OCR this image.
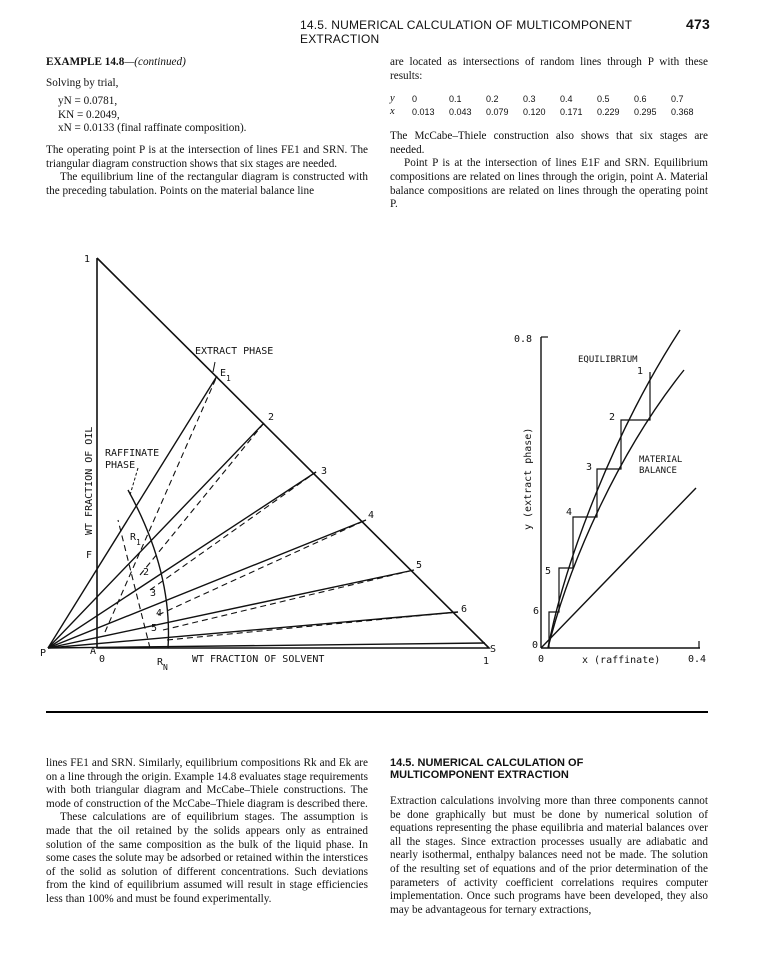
14.5. NUMERICAL CALCULATION OF MULTICOMPONENT EXTRACTION
473

EXAMPLE 14.8—(continued)

Solving by trial,

yN = 0.0781,

KN = 0.2049,

xN = 0.0133 (final raffinate composition).

The operating point P is at the intersection of lines FE1 and SRN. The triangular diagram construction shows that six stages are needed.

The equilibrium line of the rectangular diagram is constructed with the preceding tabulation. Points on the material balance line

are located as intersections of random lines through P with these results:

y	0	0.1	0.2	0.3	0.4	0.5	0.6	0.7
x	0.013	0.043	0.079	0.120	0.171	0.229	0.295	0.368

The McCabe–Thiele construction also shows that six stages are needed.

Point P is at the intersection of lines E1F and SRN. Equilibrium compositions are related on lines through the origin, point A. Material balance compositions are related on lines through the operating point P.

1
EXTRACT PHASE
$E_1$
2
3
4
5
6
RAFFINATE
PHASE
$R_1$
2
3
4
5
F
P	A
0	$R_N$
S
1
WT FRACTION OF SOLVENT
WT FRACTION OF OIL
0.8
0
0	0.4
x (raffinate)
y (extract phase)
EQUILIBRIUM
MATERIAL
BALANCE
1
2
3
4
5
6

lines FE1 and SRN. Similarly, equilibrium compositions Rk and Ek are on a line through the origin. Example 14.8 evaluates stage requirements with both triangular diagram and McCabe–Thiele constructions. The mode of construction of the McCabe–Thiele diagram is described there.

These calculations are of equilibrium stages. The assumption is made that the oil retained by the solids appears only as entrained solution of the same composition as the bulk of the liquid phase. In some cases the solute may be adsorbed or retained within the interstices of the solid as solution of different concentrations. Such deviations from the kind of equilibrium assumed will result in stage efficiencies less than 100% and must be found experimentally.

14.5. NUMERICAL CALCULATION OF
MULTICOMPONENT EXTRACTION

Extraction calculations involving more than three components cannot be done graphically but must be done by numerical solution of equations representing the phase equilibria and material balances over all the stages. Since extraction processes usually are adiabatic and nearly isothermal, enthalpy balances need not be made. The solution of the resulting set of equations and of the prior determination of the parameters of activity coefficient correlations requires computer implementation. Once such programs have been developed, they also may be advantageous for ternary extractions,
